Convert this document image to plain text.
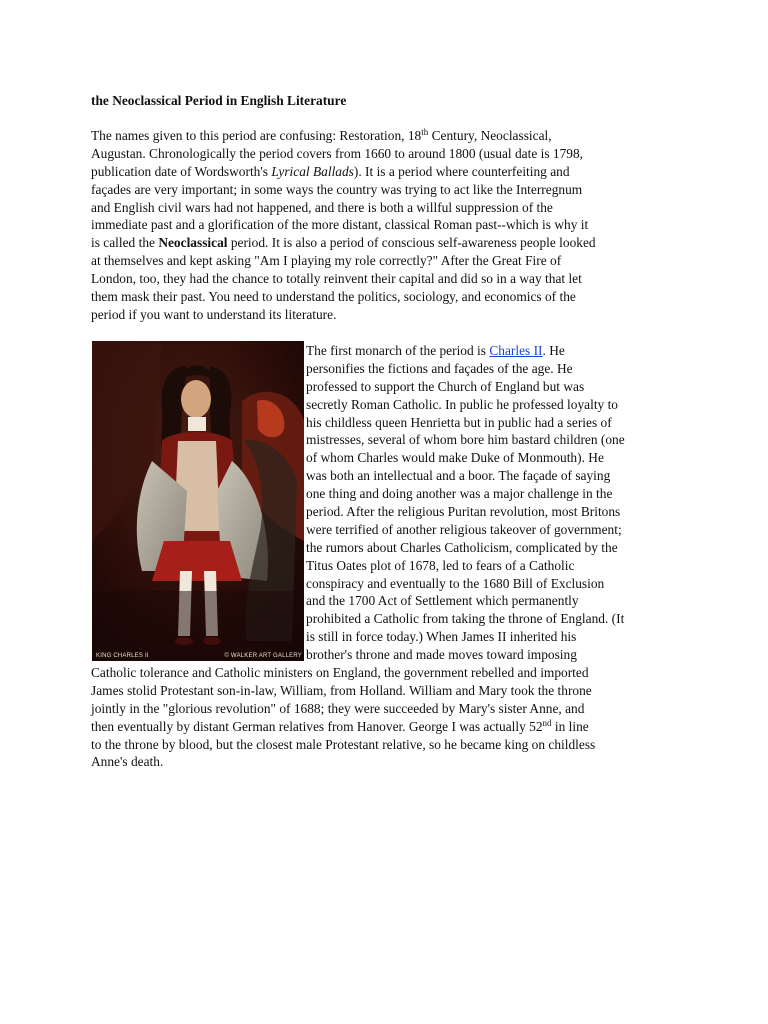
the Neoclassical Period in English Literature
The names given to this period are confusing: Restoration, 18th Century, Neoclassical,
Augustan. Chronologically the period covers from 1660 to around 1800 (usual date is 1798,
publication date of Wordsworth's Lyrical Ballads). It is a period where counterfeiting and
façades are very important; in some ways the country was trying to act like the Interregnum
and English civil wars had not happened, and there is both a willful suppression of the
immediate past and a glorification of the more distant, classical Roman past--which is why it
is called the Neoclassical period. It is also a period of conscious self-awareness people looked
at themselves and kept asking "Am I playing my role correctly?" After the Great Fire of
London, too, they had the chance to totally reinvent their capital and did so in a way that let
them mask their past. You need to understand the politics, sociology, and economics of the
period if you want to understand its literature.
KING CHARLES II	© WALKER ART GALLERY
The first monarch of the period is Charles II. He
personifies the fictions and façades of the age. He
professed to support the Church of England but was
secretly Roman Catholic. In public he professed loyalty to
his childless queen Henrietta but in public had a series of
mistresses, several of whom bore him bastard children (one
of whom Charles would make Duke of Monmouth). He
was both an intellectual and a boor. The façade of saying
one thing and doing another was a major challenge in the
period. After the religious Puritan revolution, most Britons
were terrified of another religious takeover of government;
the rumors about Charles Catholicism, complicated by the
Titus Oates plot of 1678, led to fears of a Catholic
conspiracy and eventually to the 1680 Bill of Exclusion
and the 1700 Act of Settlement which permanently
prohibited a Catholic from taking the throne of England. (It
is still in force today.) When James II inherited his
brother's throne and made moves toward imposing
Catholic tolerance and Catholic ministers on England, the government rebelled and imported
James stolid Protestant son-in-law, William, from Holland. William and Mary took the throne
jointly in the "glorious revolution" of 1688; they were succeeded by Mary's sister Anne, and
then eventually by distant German relatives from Hanover. George I was actually 52nd in line
to the throne by blood, but the closest male Protestant relative, so he became king on childless
Anne's death.
